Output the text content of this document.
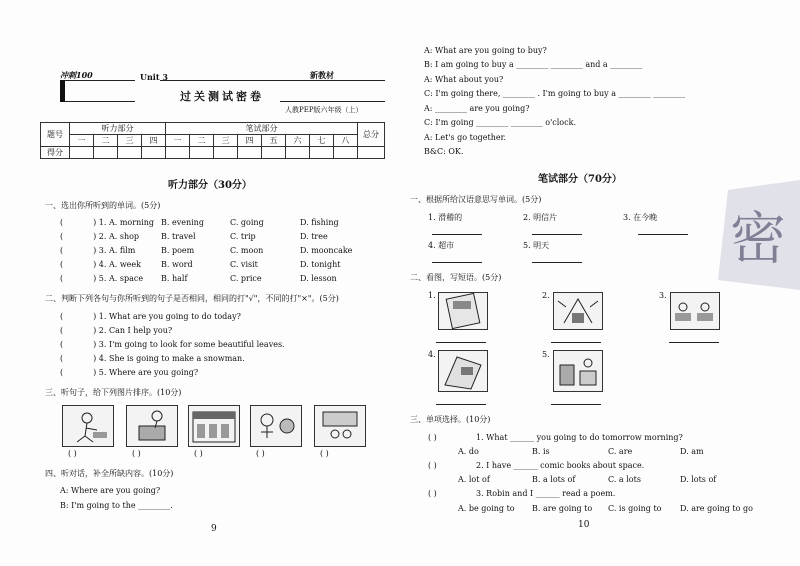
冲刺100	Unit 3	新教材
过关测试密卷
人教PEP版六年级（上）
题号	听力部分				笔试部分								总分
	一	二	三	四	一	二	三	四	五	六	七	八	
得分													
听力部分（30分）
一、选出你所听到的单词。(5分)
(	) 1. A. morning B. evening	C. going	D. fishing
(	) 2. A. shop	B. travel	C. trip	D. tree
(	) 3. A. film	B. poem	C. moon	D. mooncake
(	) 4. A. week	B. word	C. visit	D. tonight
(	) 5. A. space B. half	C. price	D. lesson
二、判断下列各句与你所听到的句子是否相同，相同的打"√"，不同的打"×"。(5分)
(	) 1. What are you going to do today?
(	) 2. Can I help you?
(	) 3. I'm going to look for some beautiful leaves.
(	) 4. She is going to make a snowman.
(	) 5. Where are you going?
三、听句子，给下列图片排序。(10分)
( )	( )	( )	( )	( )
四、听对话，补全所缺内容。(10分)
A: Where are you going?
B: I'm going to the ________.
9
A: What are you going to buy?
B: I am going to buy a ________ ________ and a ________
A: What about you?
C: I'm going there, ________ . I'm going to buy a ________ ________
A: ________ are you going?
C: I'm going ________ ________ o'clock.
A: Let's go together.
B&C: OK.
笔试部分（70分）
一、根据所给汉语意思写单词。(5分)
1. 滑稽的	2. 明信片	3. 在今晚
4. 超市	5. 明天
二、看图，写短语。(5分)
1.	2.	3.
4.	5.
三、单项选择。(10分)
( )	1. What ______ you going to do tomorrow morning?
A. do	B. is	C. are	D. am
( )	2. I have ______ comic books about space.
A. lot of	B. a lots of	C. a lots	D. lots of
( )	3. Robin and I ______ read a poem.
A. be going to B. are going to C. is going to D. are going to go
10
密
